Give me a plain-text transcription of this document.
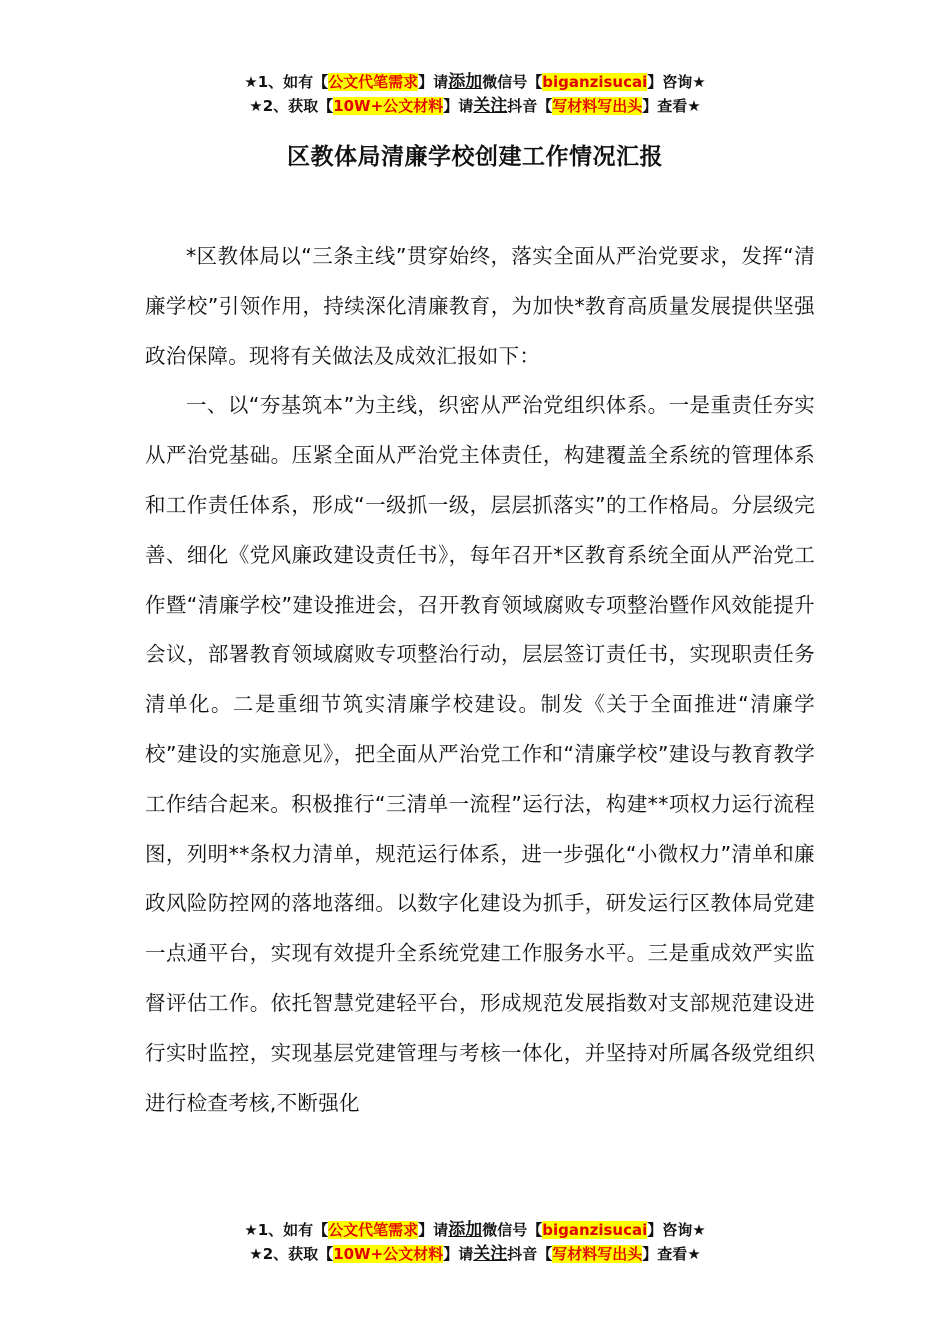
★1、如有【公文代笔需求】请添加微信号【biganzisucai】咨询★
★2、获取【10W+公文材料】请关注抖音【写材料写出头】查看★
区教体局清廉学校创建工作情况汇报

*区教体局以“三条主线”贯穿始终，落实全面从严治党要求，发挥“清廉学校”引领作用，持续深化清廉教育，为加快*教育高质量发展提供坚强政治保障。现将有关做法及成效汇报如下：

一、以“夯基筑本”为主线，织密从严治党组织体系。一是重责任夯实从严治党基础。压紧全面从严治党主体责任，构建覆盖全系统的管理体系和工作责任体系，形成“一级抓一级，层层抓落实”的工作格局。分层级完善、细化《党风廉政建设责任书》，每年召开*区教育系统全面从严治党工作暨“清廉学校”建设推进会，召开教育领域腐败专项整治暨作风效能提升会议，部署教育领域腐败专项整治行动，层层签订责任书，实现职责任务清单化。二是重细节筑实清廉学校建设。制发《关于全面推进“清廉学校”建设的实施意见》，把全面从严治党工作和“清廉学校”建设与教育教学工作结合起来。积极推行“三清单一流程”运行法，构建**项权力运行流程图，列明**条权力清单，规范运行体系，进一步强化“小微权力”清单和廉政风险防控网的落地落细。以数字化建设为抓手，研发运行区教体局党建一点通平台，实现有效提升全系统党建工作服务水平。三是重成效严实监督评估工作。依托智慧党建轻平台，形成规范发展指数对支部规范建设进行实时监控，实现基层党建管理与考核一体化，并坚持对所属各级党组织进行检查考核,不断强化

★1、如有【公文代笔需求】请添加微信号【biganzisucai】咨询★
★2、获取【10W+公文材料】请关注抖音【写材料写出头】查看★
